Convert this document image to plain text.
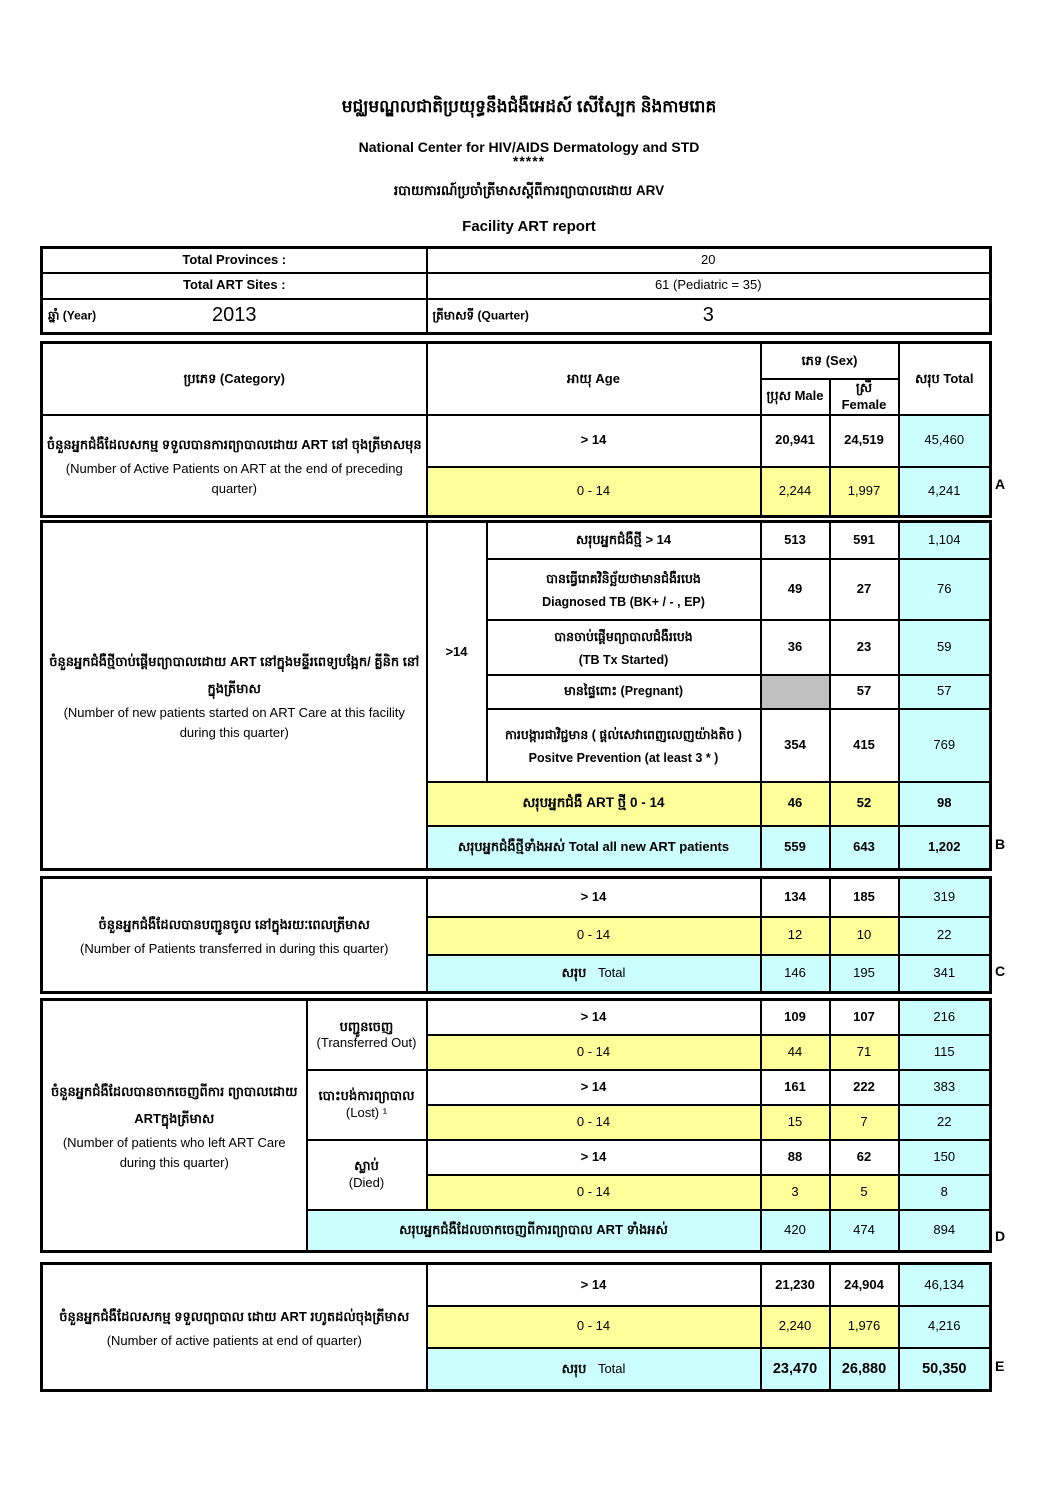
មជ្ឈមណ្ឌលជាតិប្រយុទ្ធនឹងជំងឺអេដស៍ សើស្បែក និងកាមរោគ
National Center for HIV/AIDS Dermatology and STD
*****
របាយការណ៍ប្រចាំត្រីមាសស្ដីពីការព្យាបាលដោយ ARV
Facility ART report
Total Provinces :	20
Total ART Sites :	61 (Pediatric = 35)

ឆ្នាំ (Year) 2013	ត្រីមាសទី (Quarter) 3
ប្រភេទ (Category)	អាយុ Age	ភេទ (Sex)		សរុប Total
		ប្រុស Male	ស្រី Female	

ចំនួនអ្នកជំងឺដែលសកម្ម ទទួលបានការព្យាបាលដោយ ART នៅ ចុងត្រីមាសមុន
(Number of Active Patients on ART at the end of preceding quarter)	> 14	20,941	24,519	45,460
	0 - 14	2,244	1,997	4,241 A
ចំនួនអ្នកជំងឺថ្មីចាប់ផ្ដើមព្យាបាលដោយ ART នៅក្នុងមន្ទីរពេទ្យបង្អែក/ គ្លីនិក នៅក្នុងត្រីមាស
(Number of new patients started on ART Care at this facility during this quarter)	>14	សរុបអ្នកជំងឺថ្មី > 14	513	591	1,104

		បានធ្វើរោគវិនិច្ឆ័យថាមានជំងឺរបេង
Diagnosed TB (BK+ / - , EP)	49	27	76

		បានចាប់ផ្ដើមព្យាបាលជំងឺរបេង
(TB Tx Started)	36	23	59
		មានផ្ទៃពោះ (Pregnant)		57	57

		ការបង្ការជាវិជ្ជមាន ( ផ្ដល់សេវាពេញលេញយ៉ាងតិច )
Positve Prevention (at least 3 * )	354	415	769
	សរុបអ្នកជំងឺ ART ថ្មី 0 - 14		46	52	98
	សរុបអ្នកជំងឺថ្មីទាំងអស់ Total all new ART patients		559	643	1,202 B
ចំនួនអ្នកជំងឺដែលបានបញ្ជូនចូល នៅក្នុងរយៈពេលត្រីមាស
(Number of Patients transferred in during this quarter)	> 14	134	185	319
	0 - 14	12	10	22
	សរុប Total	146	195	341	C
ចំនួនអ្នកជំងឺដែលបានចាកចេញពីការ ព្យាបាលដោយ ARTក្នុងត្រីមាស
(Number of patients who left ART Care during this quarter)

បញ្ជូនចេញ
(Transferred Out)
	> 14	109	107	216
		0 - 14	44	71	115

	បោះបង់ការព្យាបាល
(Lost) ¹	> 14	161	222	383
		0 - 14	15	7	22

	ស្លាប់
(Died)	> 14	88	62	150
		0 - 14	3	5	8
	សរុបអ្នកជំងឺដែលចាកចេញពីការព្យាបាល ART ទាំងអស់		420	474	894	D
ចំនួនអ្នកជំងឺដែលសកម្ម ទទួលព្យាបាល ដោយ ART រហូតដល់ចុងត្រីមាស
(Number of active patients at end of quarter)	> 14	21,230	24,904	46,134
	0 - 14	2,240	1,976	4,216
	សរុប Total	23,470	26,880	50,350 E
